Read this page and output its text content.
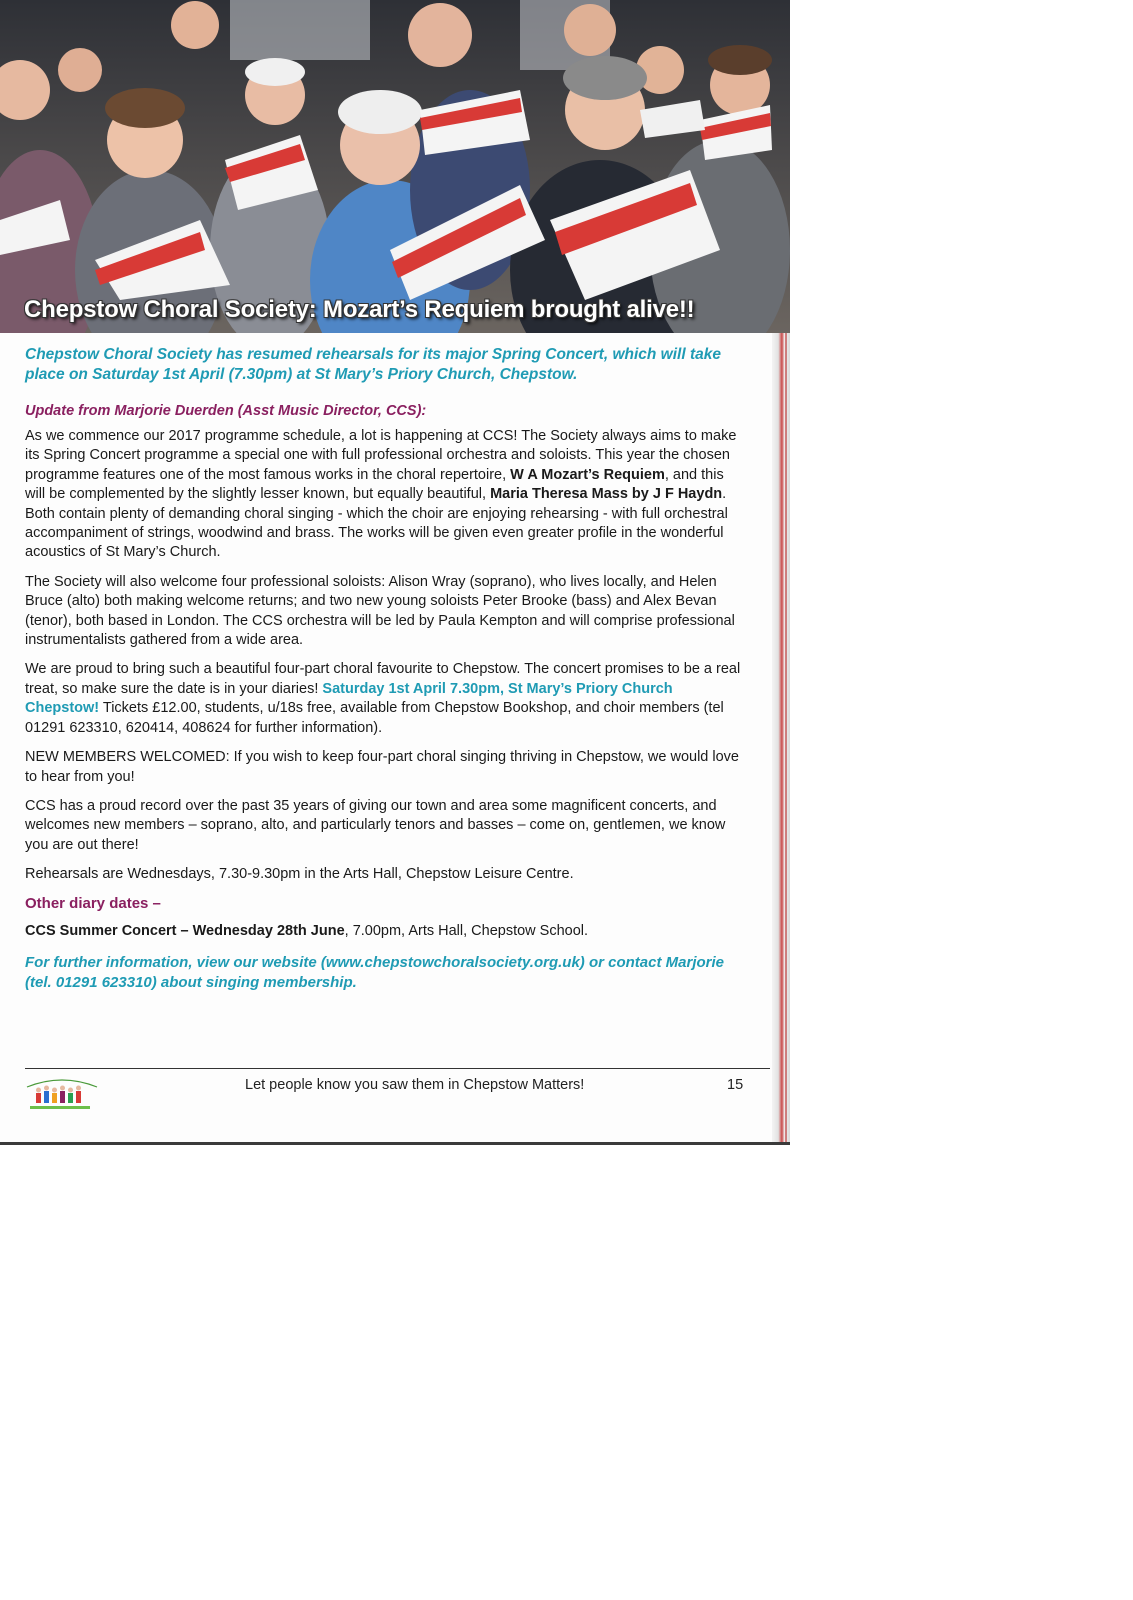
Chepstow Choral Society: Mozart’s Requiem brought alive!!

Chepstow Choral Society has resumed rehearsals for its major Spring Concert, which will take place on Saturday 1st April (7.30pm) at St Mary’s Priory Church, Chepstow.

Update from Marjorie Duerden (Asst Music Director, CCS):

As we commence our 2017 programme schedule, a lot is happening at CCS! The Society always aims to make its Spring Concert programme a special one with full professional orchestra and soloists. This year the chosen programme features one of the most famous works in the choral repertoire, W A Mozart’s Requiem, and this will be complemented by the slightly lesser known, but equally beautiful, Maria Theresa Mass by J F Haydn. Both contain plenty of demanding choral singing - which the choir are enjoying rehearsing - with full orchestral accompaniment of strings, woodwind and brass. The works will be given even greater profile in the wonderful acoustics of St Mary’s Church.

The Society will also welcome four professional soloists: Alison Wray (soprano), who lives locally, and Helen Bruce (alto) both making welcome returns; and two new young soloists Peter Brooke (bass) and Alex Bevan (tenor), both based in London. The CCS orchestra will be led by Paula Kempton and will comprise professional instrumentalists gathered from a wide area.

We are proud to bring such a beautiful four-part choral favourite to Chepstow. The concert promises to be a real treat, so make sure the date is in your diaries! Saturday 1st April 7.30pm, St Mary’s Priory Church Chepstow! Tickets £12.00, students, u/18s free, available from Chepstow Bookshop, and choir members (tel 01291 623310, 620414, 408624 for further information).

NEW MEMBERS WELCOMED: If you wish to keep four-part choral singing thriving in Chepstow, we would love to hear from you!

CCS has a proud record over the past 35 years of giving our town and area some magnificent concerts, and welcomes new members – soprano, alto, and particularly tenors and basses – come on, gentlemen, we know you are out there!

Rehearsals are Wednesdays, 7.30-9.30pm in the Arts Hall, Chepstow Leisure Centre.

Other diary dates –

CCS Summer Concert – Wednesday 28th June, 7.00pm, Arts Hall, Chepstow School.

For further information, view our website (www.chepstowchoralsociety.org.uk) or contact Marjorie (tel. 01291 623310) about singing membership.

Let people know you saw them in Chepstow Matters!	15
